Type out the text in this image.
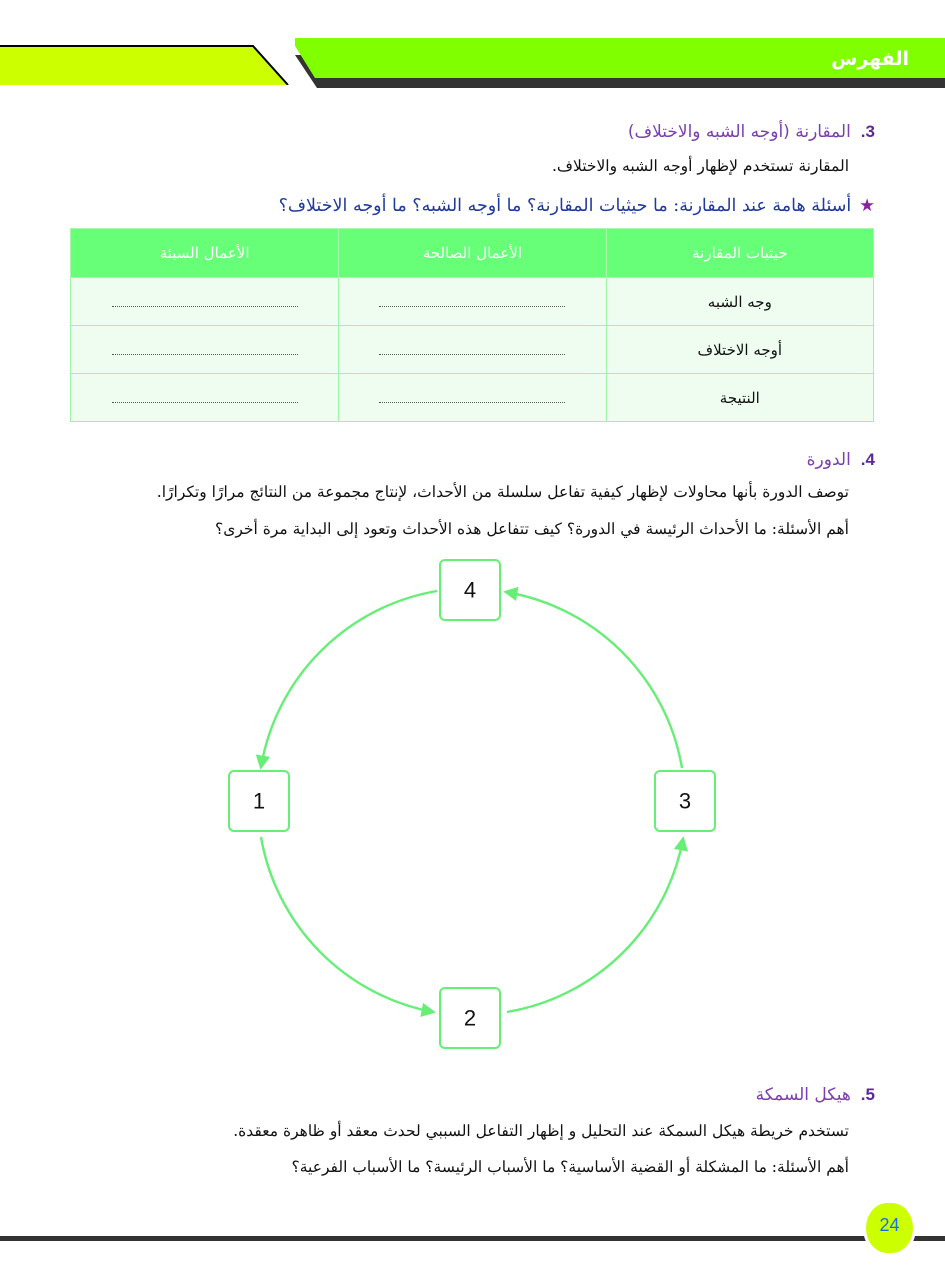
الفهرس
3.المقارنة (أوجه الشبه والاختلاف)
المقارنة تستخدم لإظهار أوجه الشبه والاختلاف.
★أسئلة هامة عند المقارنة: ما حيثيات المقارنة؟ ما أوجه الشبه؟ ما أوجه الاختلاف؟
حيثيات المقارنة	الأعمال الصالحة	الأعمال السيئة
وجه الشبه		
أوجه الاختلاف		
النتيجة		
4.الدورة
توصف الدورة بأنها محاولات لإظهار كيفية تفاعل سلسلة من الأحداث، لإنتاج مجموعة من النتائج مرارًا وتكرارًا.
أهم الأسئلة: ما الأحداث الرئيسة في الدورة؟ كيف تتفاعل هذه الأحداث وتعود إلى البداية مرة أخرى؟
4
1	3
2
5.هيكل السمكة
تستخدم خريطة هيكل السمكة عند التحليل و إظهار التفاعل السببي لحدث معقد أو ظاهرة معقدة.
أهم الأسئلة: ما المشكلة أو القضية الأساسية؟ ما الأسباب الرئيسة؟ ما الأسباب الفرعية؟
24
